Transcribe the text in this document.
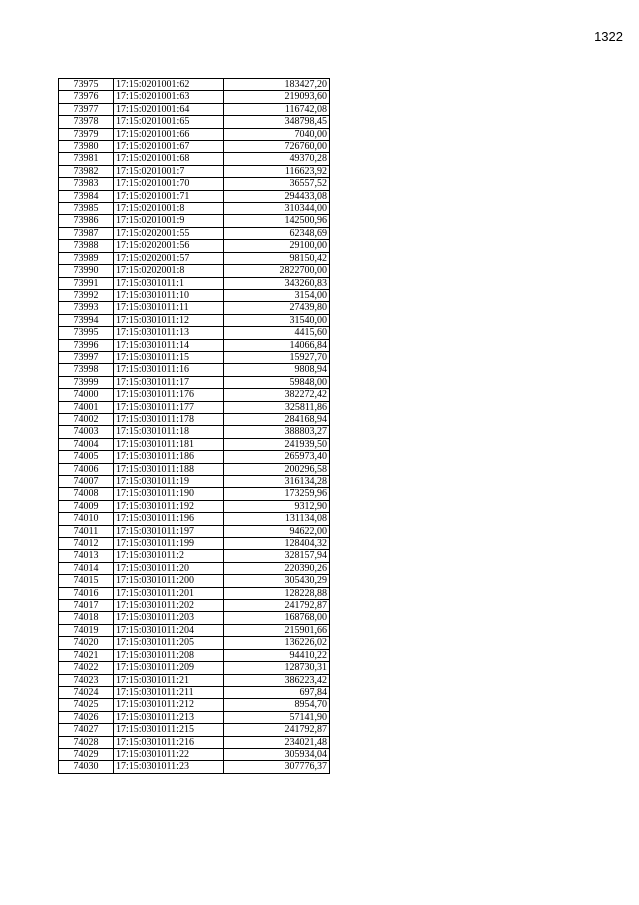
1322
73975	17:15:0201001:62	183427,20
73976	17:15:0201001:63	219093,60
73977	17:15:0201001:64	116742,08
73978	17:15:0201001:65	348798,45
73979	17:15:0201001:66	7040,00
73980	17:15:0201001:67	726760,00
73981	17:15:0201001:68	49370,28
73982	17:15:0201001:7	116623,92
73983	17:15:0201001:70	36557,52
73984	17:15:0201001:71	294433,08
73985	17:15:0201001:8	310344,00
73986	17:15:0201001:9	142500,96
73987	17:15:0202001:55	62348,69
73988	17:15:0202001:56	29100,00
73989	17:15:0202001:57	98150,42
73990	17:15:0202001:8	2822700,00
73991	17:15:0301011:1	343260,83
73992	17:15:0301011:10	3154,00
73993	17:15:0301011:11	27439,80
73994	17:15:0301011:12	31540,00
73995	17:15:0301011:13	4415,60
73996	17:15:0301011:14	14066,84
73997	17:15:0301011:15	15927,70
73998	17:15:0301011:16	9808,94
73999	17:15:0301011:17	59848,00
74000	17:15:0301011:176	382272,42
74001	17:15:0301011:177	325811,86
74002	17:15:0301011:178	284168,94
74003	17:15:0301011:18	388803,27
74004	17:15:0301011:181	241939,50
74005	17:15:0301011:186	265973,40
74006	17:15:0301011:188	200296,58
74007	17:15:0301011:19	316134,28
74008	17:15:0301011:190	173259,96
74009	17:15:0301011:192	9312,90
74010	17:15:0301011:196	131134,08
74011	17:15:0301011:197	94622,00
74012	17:15:0301011:199	128404,32
74013	17:15:0301011:2	328157,94
74014	17:15:0301011:20	220390,26
74015	17:15:0301011:200	305430,29
74016	17:15:0301011:201	128228,88
74017	17:15:0301011:202	241792,87
74018	17:15:0301011:203	168768,00
74019	17:15:0301011:204	215901,66
74020	17:15:0301011:205	136226,02
74021	17:15:0301011:208	94410,22
74022	17:15:0301011:209	128730,31
74023	17:15:0301011:21	386223,42
74024	17:15:0301011:211	697,84
74025	17:15:0301011:212	8954,70
74026	17:15:0301011:213	57141,90
74027	17:15:0301011:215	241792,87
74028	17:15:0301011:216	234021,48
74029	17:15:0301011:22	305934,04
74030	17:15:0301011:23	307776,37
